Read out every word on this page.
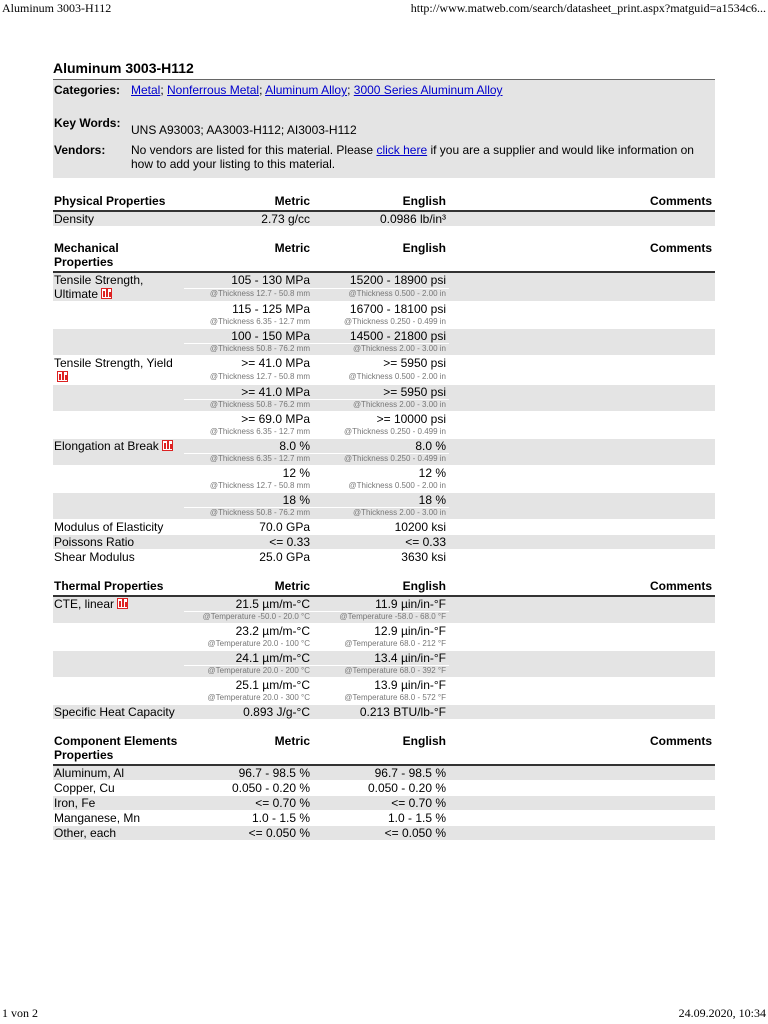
Aluminum 3003-H112	http://www.matweb.com/search/datasheet_print.aspx?matguid=a1534c6...
Aluminum 3003-H112
Categories: Metal; Nonferrous Metal; Aluminum Alloy; 3000 Series Aluminum Alloy
Key Words: UNS A93003; AA3003-H112; AI3003-H112
Vendors:	No vendors are listed for this material. Please click here if you are a supplier and would like information on how to add your listing to this material.
Physical Properties	Metric	English	Comments
Density	2.73 g/cc	0.0986 lb/in³	
Mechanical Properties	Metric	English	Comments
Tensile Strength, Ultimate	105 - 130 MPa	15200 - 18900 psi	
	@Thickness 12.7 - 50.8 mm	@Thickness 0.500 - 2.00 in	
	115 - 125 MPa	16700 - 18100 psi	
	@Thickness 6.35 - 12.7 mm	@Thickness 0.250 - 0.499 in	
	100 - 150 MPa	14500 - 21800 psi	
	@Thickness 50.8 - 76.2 mm	@Thickness 2.00 - 3.00 in	
Tensile Strength, Yield	>= 41.0 MPa	>= 5950 psi	
	@Thickness 12.7 - 50.8 mm	@Thickness 0.500 - 2.00 in	
	>= 41.0 MPa	>= 5950 psi	
	@Thickness 50.8 - 76.2 mm	@Thickness 2.00 - 3.00 in	
	>= 69.0 MPa	>= 10000 psi	
	@Thickness 6.35 - 12.7 mm	@Thickness 0.250 - 0.499 in	
Elongation at Break	8.0 %	8.0 %	
	@Thickness 6.35 - 12.7 mm	@Thickness 0.250 - 0.499 in	
	12 %	12 %	
	@Thickness 12.7 - 50.8 mm	@Thickness 0.500 - 2.00 in	
	18 %	18 %	
	@Thickness 50.8 - 76.2 mm	@Thickness 2.00 - 3.00 in	
Modulus of Elasticity	70.0 GPa	10200 ksi	
Poissons Ratio	<= 0.33	<= 0.33	
Shear Modulus	25.0 GPa	3630 ksi	
Thermal Properties	Metric	English	Comments
CTE, linear	21.5 µm/m-°C	11.9 µin/in-°F	
	@Temperature -50.0 - 20.0 °C	@Temperature -58.0 - 68.0 °F	
	23.2 µm/m-°C	12.9 µin/in-°F	
	@Temperature 20.0 - 100 °C	@Temperature 68.0 - 212 °F	
	24.1 µm/m-°C	13.4 µin/in-°F	
	@Temperature 20.0 - 200 °C	@Temperature 68.0 - 392 °F	
	25.1 µm/m-°C	13.9 µin/in-°F	
	@Temperature 20.0 - 300 °C	@Temperature 68.0 - 572 °F	
Specific Heat Capacity	0.893 J/g-°C	0.213 BTU/lb-°F	
Component Elements Properties	Metric	English	Comments
Aluminum, Al	96.7 - 98.5 %	96.7 - 98.5 %	
Copper, Cu	0.050 - 0.20 %	0.050 - 0.20 %	
Iron, Fe	<= 0.70 %	<= 0.70 %	
Manganese, Mn	1.0 - 1.5 %	1.0 - 1.5 %	
Other, each	<= 0.050 %	<= 0.050 %	
1 von 2	24.09.2020, 10:34
